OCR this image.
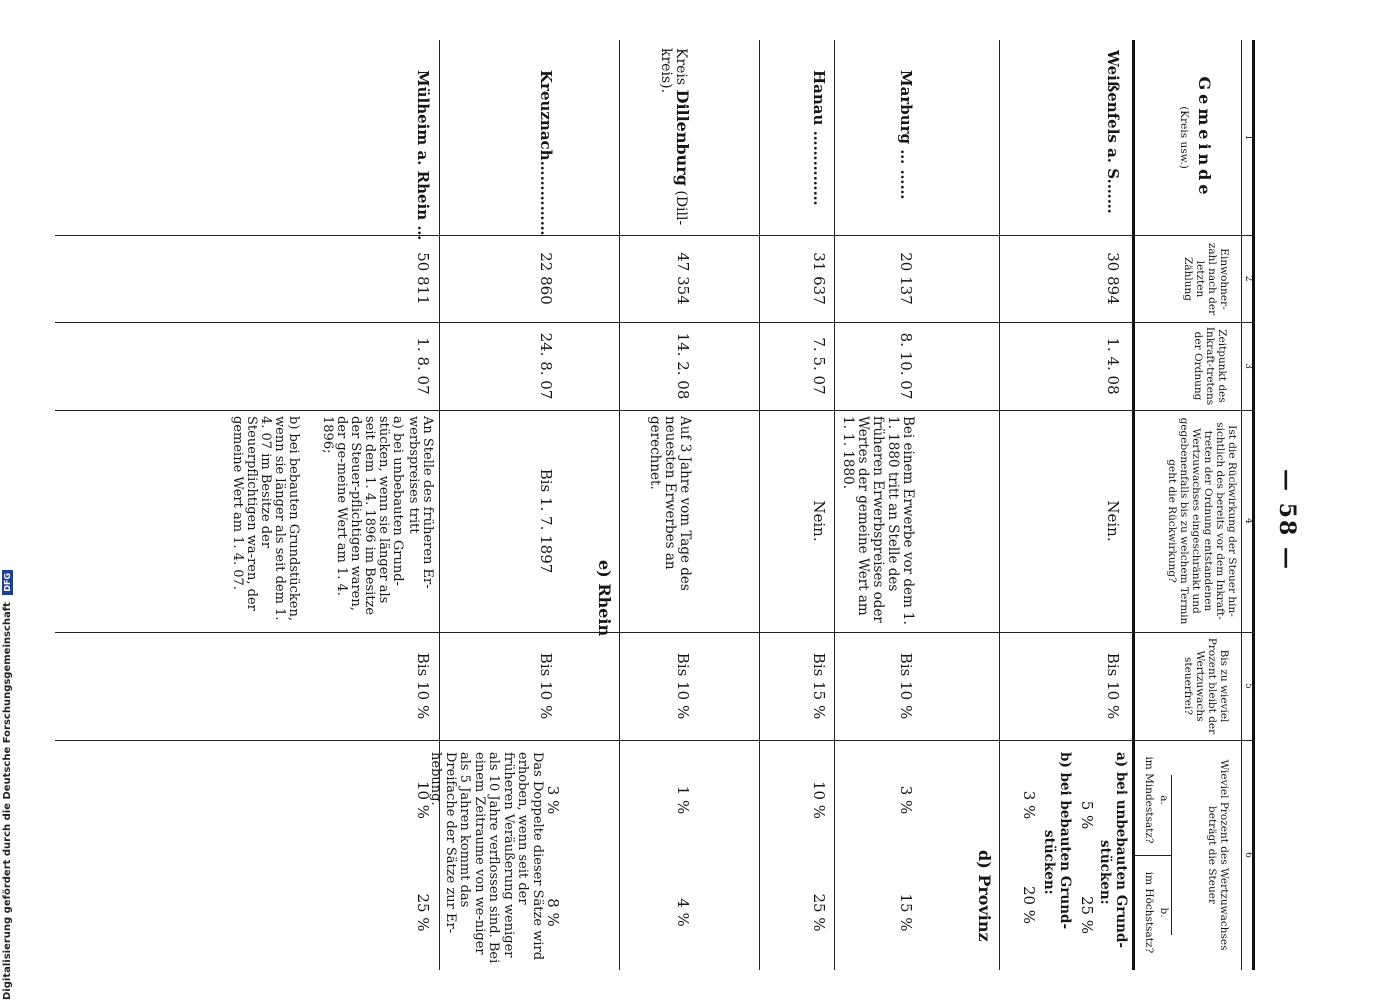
— 58 —
1
2
3
4
5
6
Gemeinde
(Kreis usw.)
Einwohner-zahl nach der letzten Zählung
Zeitpunkt des Inkraft-tretens der Ordnung
Ist die Rückwirkung der Steuer hin-sichtlich des bereits vor dem Inkraft-treten der Ordnung entstandenen Wertzuwachses eingeschränkt und gegebenenfalls bis zu welchem Termin geht die Rückwirkung?
Bis zu wieviel Prozent bleibt der Wertzuwachs steuerfrei?
Wieviel Prozent des Wertzuwachses beträgt die Steuer
a.
im Mindestsatz?
b.
im Höchstsatz?
Weißenfels a. S.……
30 894
1. 4. 08
Nein.
Bis 10 %
a) bei unbebauten Grund-
stücken:
5 %
25 %
b) bei bebauten Grund-
stücken:
3 %
20 %
d) Provinz
Marburg … ……
20 137
8. 10. 07
Bei einem Erwerbe vor dem 1. 1. 1880 tritt an Stelle des früheren Erwerbspreises oder Wertes der gemeine Wert am 1. 1. 1880.
Bis 10 %
3 %
15 %
Hanau ……………
31 637
7. 5. 07
Nein.
Bis 15 %
10 %
25 %
Kreis Dillenburg (Dill-
kreis).
47 354
14. 2. 08
Auf 3 Jahre vom Tage des neuesten Erwerbes an gerechnet.
Bis 10 %
1 %
4 %
e) Rhein
Kreuznach……………
22 860
24. 8. 07
Bis 1. 7. 1897
Bis 10 %
3 %
8 %
Das Doppelte dieser Sätze wird erhoben, wenn seit der früheren Veräußerung weniger als 10 Jahre verflossen sind. Bei einem Zeitraume von we-niger als 5 Jahren kommt das Dreifache der Sätze zur Er-hebung.
Mülheim a. Rhein …
50 811
1. 8. 07
An Stelle des früheren Er-werbspreises tritt
a) bei unbebauten Grund-stücken, wenn sie länger als seit dem 1. 4. 1896 im Besitze der Steuer-pflichtigen waren, der ge-meine Wert am 1. 4. 1896;
b) bei bebauten Grundstücken, wenn sie länger als seit dem 1. 4. 07 im Besitze der Steuerpflichtigen wa-ren, der gemeine Wert am 1. 4. 07.
Bis 10 %
10 %
25 %
Digitalisierung gefördert durch die Deutsche Forschungsgemeinschaft DFG
